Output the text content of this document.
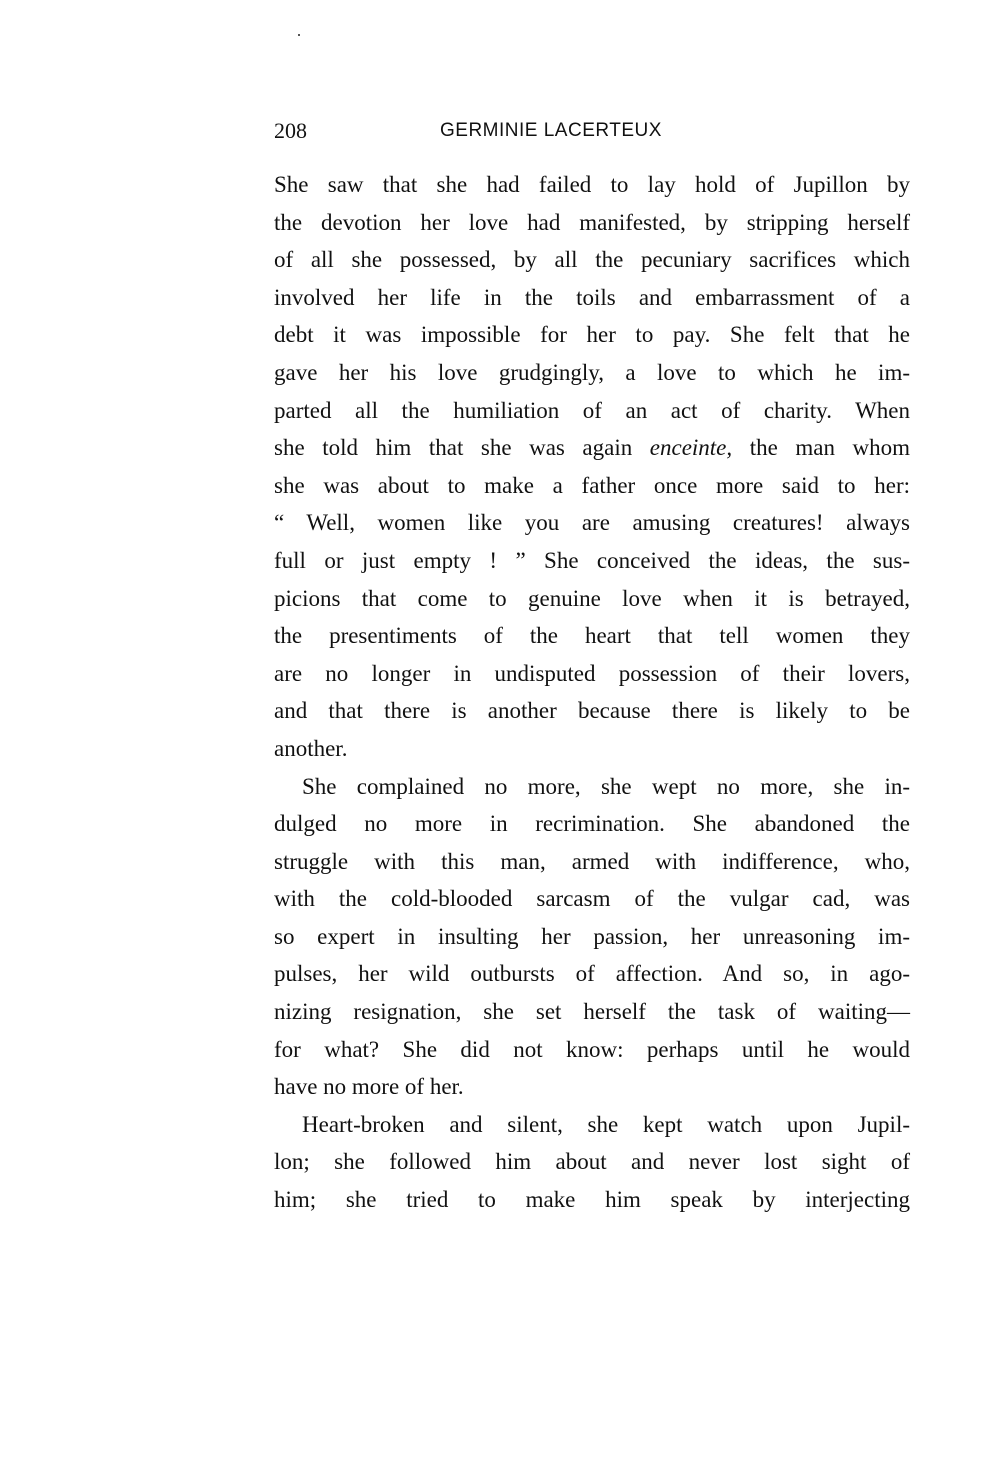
208	GERMINIE LACERTEUX
She saw that she had failed to lay hold of Jupillon by
the devotion her love had manifested, by stripping herself
of all she possessed, by all the pecuniary sacrifices which
involved her life in the toils and embarrassment of a
debt it was impossible for her to pay. She felt that he
gave her his love grudgingly, a love to which he im-
parted all the humiliation of an act of charity. When
she told him that she was again enceinte, the man whom
she was about to make a father once more said to her:
“ Well, women like you are amusing creatures! always
full or just empty ! ” She conceived the ideas, the sus-
picions that come to genuine love when it is betrayed,
the presentiments of the heart that tell women they
are no longer in undisputed possession of their lovers,
and that there is another because there is likely to be
another.
She complained no more, she wept no more, she in-
dulged no more in recrimination. She abandoned the
struggle with this man, armed with indifference, who,
with the cold-blooded sarcasm of the vulgar cad, was
so expert in insulting her passion, her unreasoning im-
pulses, her wild outbursts of affection. And so, in ago-
nizing resignation, she set herself the task of waiting—
for what? She did not know: perhaps until he would
have no more of her.
Heart-broken and silent, she kept watch upon Jupil-
lon; she followed him about and never lost sight of
him; she tried to make him speak by interjecting
